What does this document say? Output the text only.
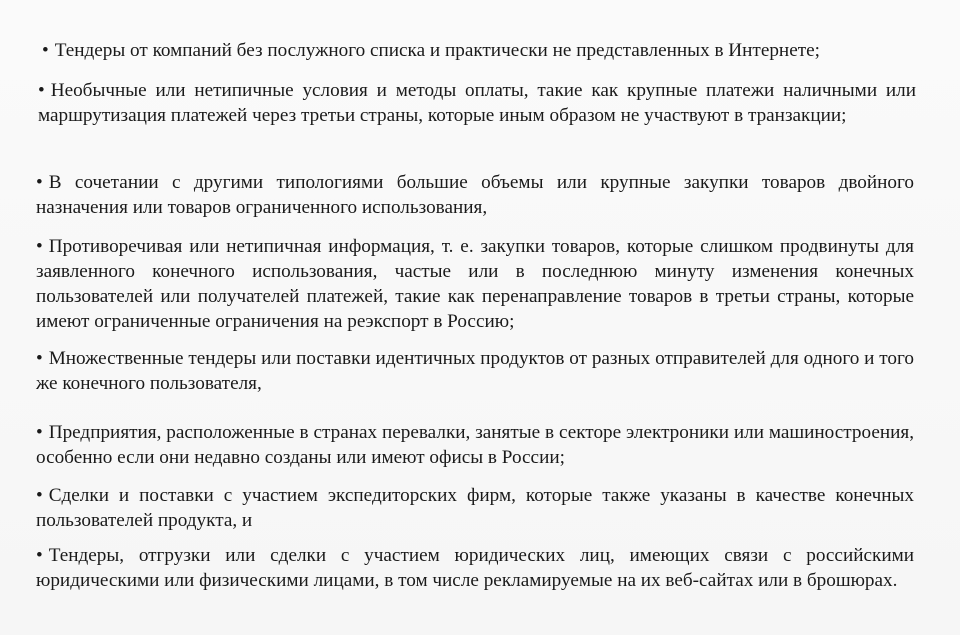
• Тендеры от компаний без послужного списка и практически не представленных в Интернете;

• Необычные или нетипичные условия и методы оплаты, такие как крупные платежи наличными или маршрутизация платежей через третьи страны, которые иным образом не участвуют в транзакции;

• В сочетании с другими типологиями большие объемы или крупные закупки товаров двойного назначения или товаров ограниченного использования,

• Противоречивая или нетипичная информация, т. е. закупки товаров, которые слишком продвинуты для заявленного конечного использования, частые или в последнюю минуту изменения конечных пользователей или получателей платежей, такие как перенаправление товаров в третьи страны, которые имеют ограниченные ограничения на реэкспорт в Россию;

• Множественные тендеры или поставки идентичных продуктов от разных отправителей для одного и того же конечного пользователя,

• Предприятия, расположенные в странах перевалки, занятые в секторе электроники или машиностроения, особенно если они недавно созданы или имеют офисы в России;

• Сделки и поставки с участием экспедиторских фирм, которые также указаны в качестве конечных пользователей продукта, и

• Тендеры, отгрузки или сделки с участием юридических лиц, имеющих связи с российскими юридическими или физическими лицами, в том числе рекламируемые на их веб-сайтах или в брошюрах.
